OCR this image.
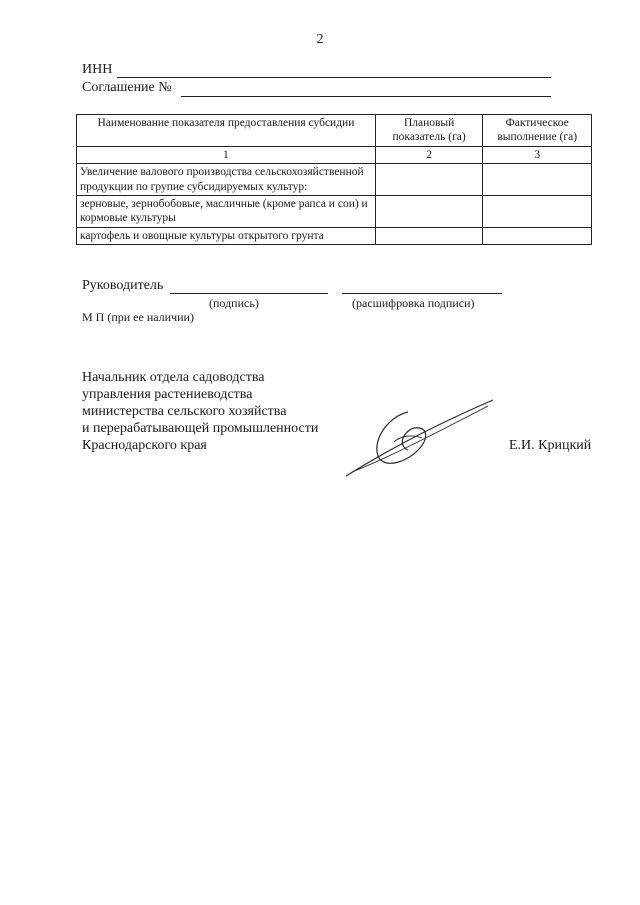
2
ИНН
Соглашение №
Наименование показателя предоставления субсидии	Плановый показатель (га)	Фактическое выполнение (га)
1	2	3
Увеличение валового производства сельскохозяйственной продукции по групие субсидируемых культур:		
зерновые, зернобобовые, масличные (кроме рапса и сои) и кормовые культуры		
картофель и овощные культуры открытого грунта		
Руководитель
(подпись)	(расшифровка подписи)
М П (при ее наличии)
Начальник отдела садоводства
управления растениеводства
министерства сельского хозяйства
и перерабатывающей промышленности
Краснодарского края	Е.И. Крицкий
